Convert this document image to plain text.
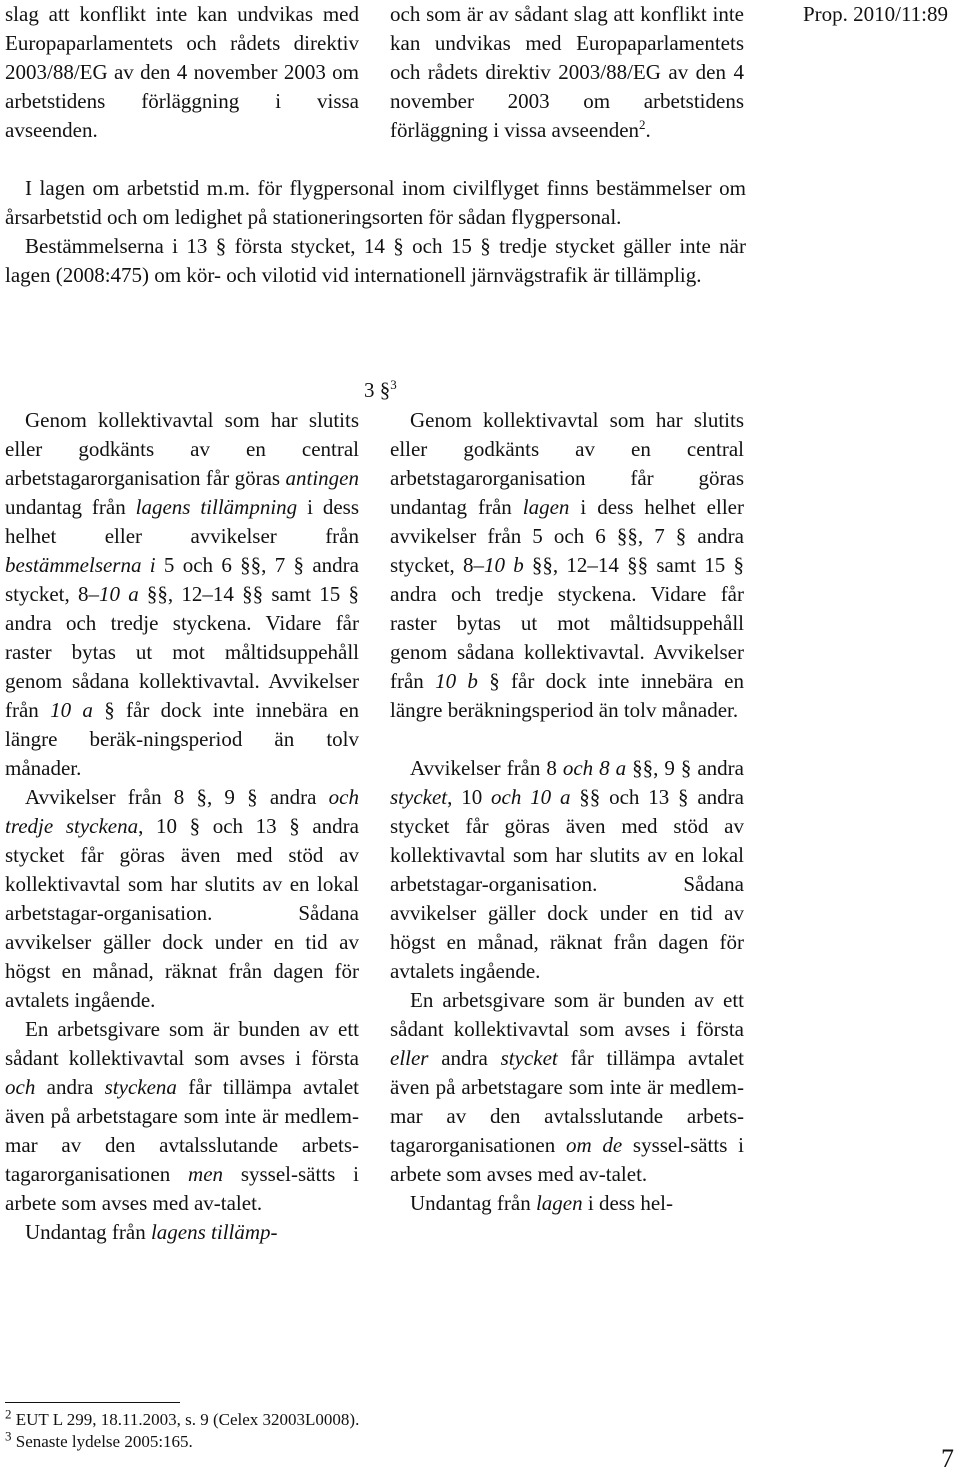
Prop. 2010/11:89

slag att konflikt inte kan undvikas med Europaparlamentets och rådets direktiv 2003/88/EG av den 4 november 2003 om arbetstidens förläggning i vissa avseenden.

och som är av sådant slag att konflikt inte kan undvikas med Europaparlamentets och rådets direktiv 2003/88/EG av den 4 november 2003 om arbetstidens förläggning i vissa avseenden$^2$.

I lagen om arbetstid m.m. för flygpersonal inom civilflyget finns bestämmelser om årsarbetstid och om ledighet på stationeringsorten för sådan flygpersonal.

Bestämmelserna i 13 § första stycket, 14 § och 15 § tredje stycket gäller inte när lagen (2008:475) om kör- och vilotid vid internationell järnvägstrafik är tillämplig.

3 §$^3$

Genom kollektivavtal som har slutits eller godkänts av en central arbetstagarorganisation får göras antingen undantag från lagens tillämpning i dess helhet eller avvikelser från bestämmelserna i 5 och 6 §§, 7 § andra stycket, 8–10 a §§, 12–14 §§ samt 15 § andra och tredje styckena. Vidare får raster bytas ut mot måltidsuppehåll genom sådana kollektivavtal. Avvikelser från 10 a § får dock inte innebära en längre beräk-ningsperiod än tolv månader.

Avvikelser från 8 §, 9 § andra och tredje styckena, 10 § och 13 § andra stycket får göras även med stöd av kollektivavtal som har slutits av en lokal arbetstagar-organisation. Sådana avvikelser gäller dock under en tid av högst en månad, räknat från dagen för avtalets ingående.

En arbetsgivare som är bunden av ett sådant kollektivavtal som avses i första och andra styckena får tillämpa avtalet även på arbetstagare som inte är medlem-mar av den avtalsslutande arbets-tagarorganisationen men syssel-sätts i arbete som avses med av-talet.

Undantag från lagens tillämp-

Genom kollektivavtal som har slutits eller godkänts av en central arbetstagarorganisation får göras undantag från lagen i dess helhet eller avvikelser från 5 och 6 §§, 7 § andra stycket, 8–10 b §§, 12–14 §§ samt 15 § andra och tredje styckena. Vidare får raster bytas ut mot måltidsuppehåll genom sådana kollektivavtal. Avvikelser från 10 b § får dock inte innebära en längre beräkningsperiod än tolv månader.

Avvikelser från 8 och 8 a §§, 9 § andra stycket, 10 och 10 a §§ och 13 § andra stycket får göras även med stöd av kollektivavtal som har slutits av en lokal arbetstagar-organisation. Sådana avvikelser gäller dock under en tid av högst en månad, räknat från dagen för avtalets ingående.

En arbetsgivare som är bunden av ett sådant kollektivavtal som avses i första eller andra stycket får tillämpa avtalet även på arbetstagare som inte är medlem-mar av den avtalsslutande arbets-tagarorganisationen om de syssel-sätts i arbete som avses med av-talet.

Undantag från lagen i dess hel-

$^2$ EUT L 299, 18.11.2003, s. 9 (Celex 32003L0008).
$^3$ Senaste lydelse 2005:165.
7
